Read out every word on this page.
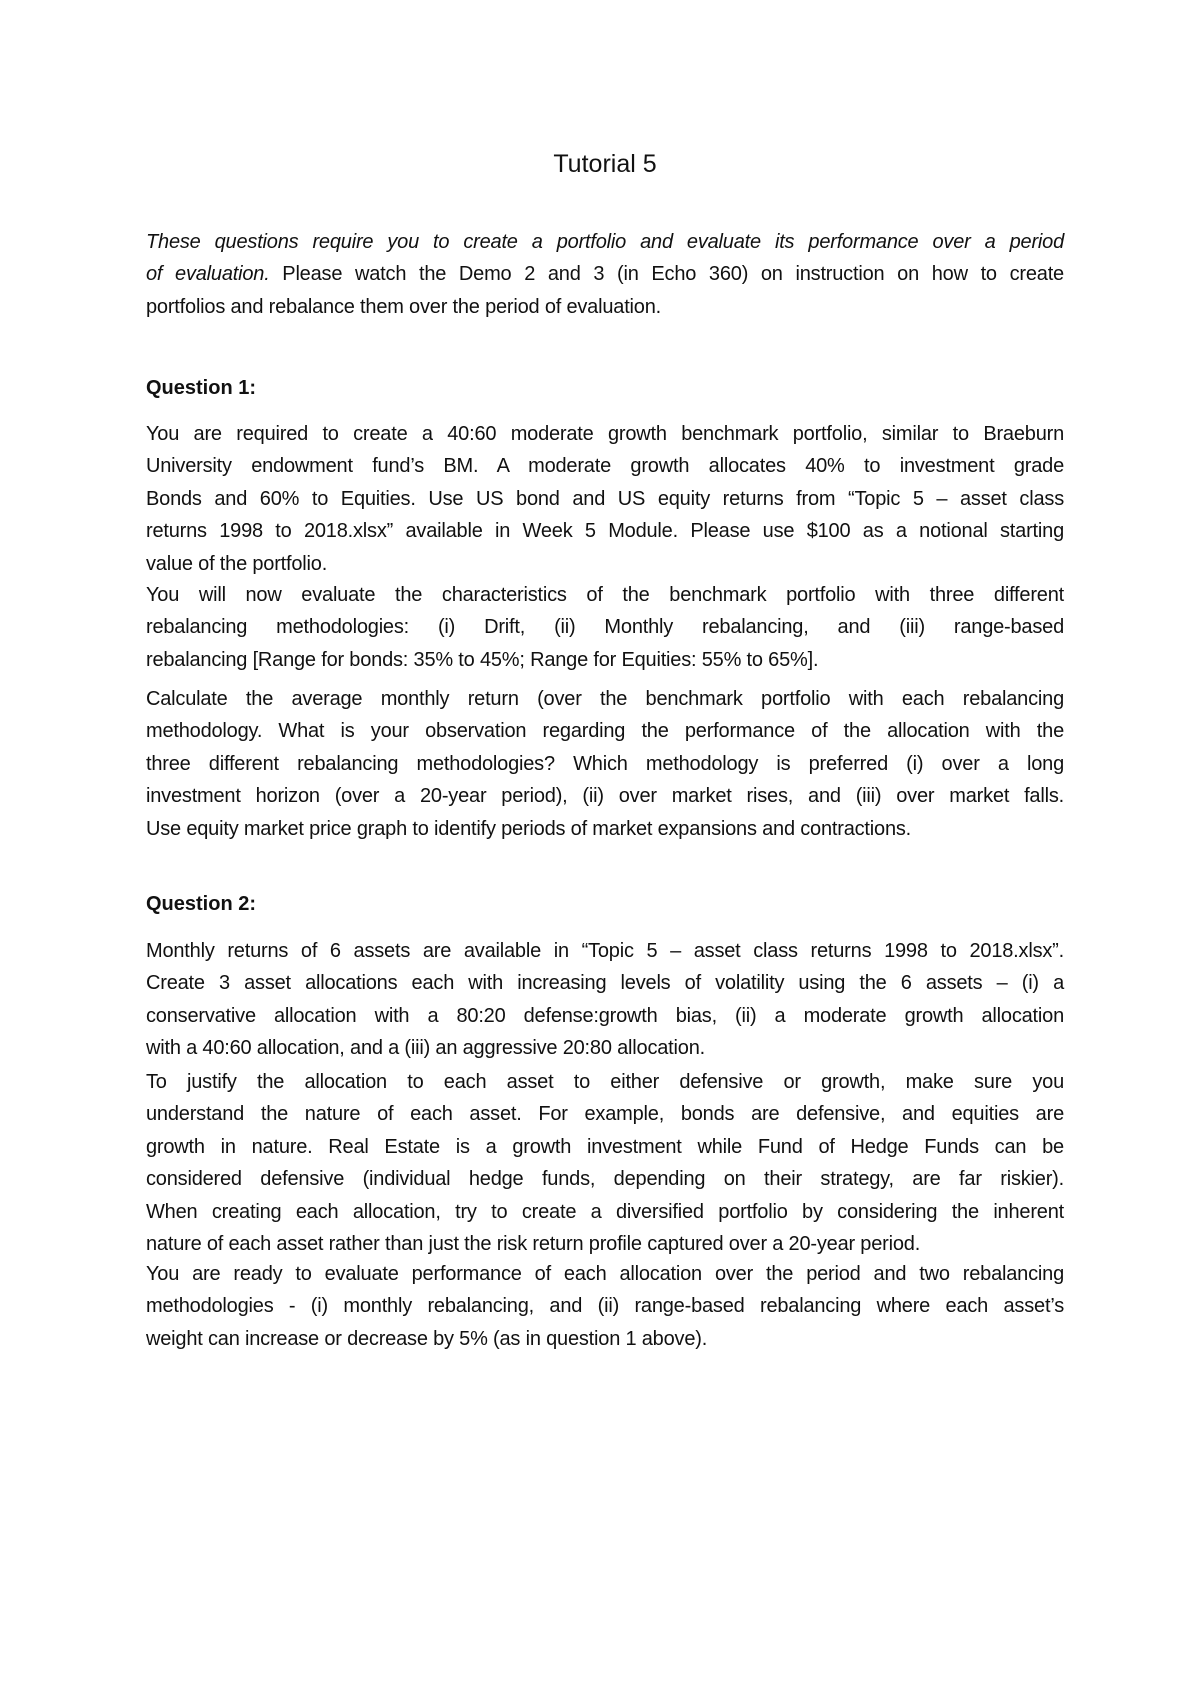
Tutorial 5

These questions require you to create a portfolio and evaluate its performance over a period
of evaluation. Please watch the Demo 2 and 3 (in Echo 360) on instruction on how to create
portfolios and rebalance them over the period of evaluation.

Question 1:

You are required to create a 40:60 moderate growth benchmark portfolio, similar to Braeburn
University endowment fund’s BM. A moderate growth allocates 40% to investment grade
Bonds and 60% to Equities. Use US bond and US equity returns from “Topic 5 – asset class
returns 1998 to 2018.xlsx” available in Week 5 Module. Please use $100 as a notional starting
value of the portfolio.

You will now evaluate the characteristics of the benchmark portfolio with three different
rebalancing methodologies: (i) Drift, (ii) Monthly rebalancing, and (iii) range-based
rebalancing [Range for bonds: 35% to 45%; Range for Equities: 55% to 65%].

Calculate the average monthly return (over the benchmark portfolio with each rebalancing
methodology. What is your observation regarding the performance of the allocation with the
three different rebalancing methodologies? Which methodology is preferred (i) over a long
investment horizon (over a 20-year period), (ii) over market rises, and (iii) over market falls.
Use equity market price graph to identify periods of market expansions and contractions.

Question 2:

Monthly returns of 6 assets are available in “Topic 5 – asset class returns 1998 to 2018.xlsx”.
Create 3 asset allocations each with increasing levels of volatility using the 6 assets – (i) a
conservative allocation with a 80:20 defense:growth bias, (ii) a moderate growth allocation
with a 40:60 allocation, and a (iii) an aggressive 20:80 allocation.

To justify the allocation to each asset to either defensive or growth, make sure you
understand the nature of each asset. For example, bonds are defensive, and equities are
growth in nature. Real Estate is a growth investment while Fund of Hedge Funds can be
considered defensive (individual hedge funds, depending on their strategy, are far riskier).
When creating each allocation, try to create a diversified portfolio by considering the inherent
nature of each asset rather than just the risk return profile captured over a 20-year period.

You are ready to evaluate performance of each allocation over the period and two rebalancing
methodologies - (i) monthly rebalancing, and (ii) range-based rebalancing where each asset’s
weight can increase or decrease by 5% (as in question 1 above).
